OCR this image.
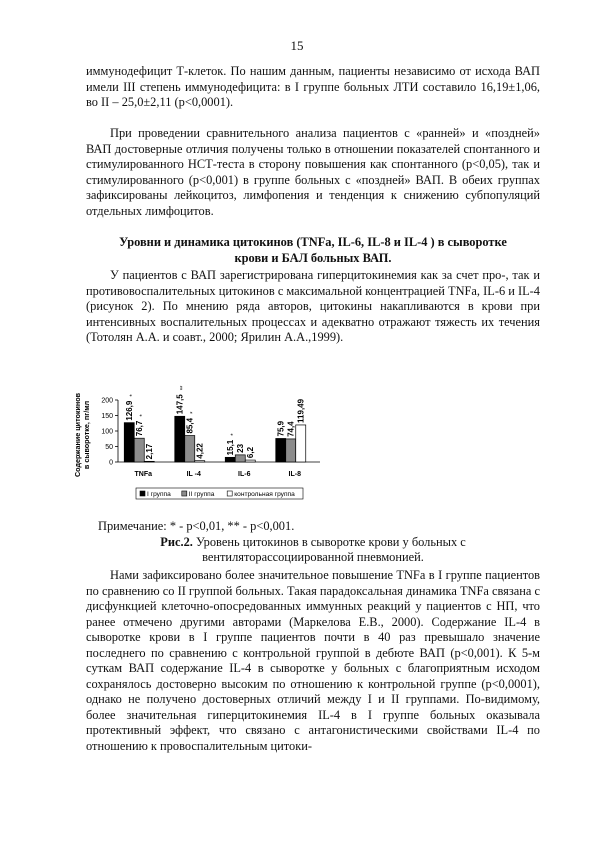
15

иммунодефицит Т-клеток. По нашим данным, пациенты независимо от исхода ВАП имели III степень иммунодефицита: в I группе больных ЛТИ составило 16,19±1,06, во II – 25,0±2,11 (р<0,0001).

При проведении сравнительного анализа пациентов с «ранней» и «поздней» ВАП достоверные отличия получены только в отношении показателей спонтанного и стимулированного НСТ-теста в сторону повышения как спонтанного (р<0,05), так и стимулированного (р<0,001) в группе больных с «поздней» ВАП. В обеих группах зафиксированы лейкоцитоз, лимфопения и тенденция к снижению субпопуляций отдельных лимфоцитов.

Уровни и динамика цитокинов (TNFa, IL-6, IL-8 и IL-4 ) в сыворотке
крови и БАЛ больных ВАП.

У пациентов с ВАП зарегистрирована гиперцитокинемия как за счет про-, так и противовоспалительных цитокинов с максимальной концентрацией TNFa, IL-6 и IL-4 (рисунок 2). По мнению ряда авторов, цитокины накапливаются в крови при интенсивных воспалительных процессах и адекватно отражают тяжесть их течения (Тотолян А.А. и соавт., 2000; Ярилин А.А.,1999).

Содержание цитокинов в сыворотке, пг/мл	0
50
100
150
200 126,9
*
76,7
*
2,17
TNFa
147,5
**
85,4
*
4,22
IL -4
15,1
*
23 6,2
IL-6
75,9 74,4
119,49
IL-8
I группа	II группа	контрольная группа
Примечание: * - р<0,01, ** - р<0,001.
Рис.2. Уровень цитокинов в сыворотке крови у больных с
вентиляторассоциированной пневмонией.

Нами зафиксировано более значительное повышение TNFa в I группе пациентов по сравнению со II группой больных. Такая парадоксальная динамика TNFa связана с дисфункцией клеточно-опосредованных иммунных реакций у пациентов с НП, что ранее отмечено другими авторами (Маркелова Е.В., 2000). Содержание IL-4 в сыворотке крови в I группе пациентов почти в 40 раз превышало значение последнего по сравнению с контрольной группой в дебюте ВАП (р<0,001). К 5-м суткам ВАП содержание IL-4 в сыворотке у больных с благоприятным исходом сохранялось достоверно высоким по отношению к контрольной группе (р<0,0001), однако не получено достоверных отличий между I и II группами. По-видимому, более значительная гиперцитокинемия IL-4 в I группе больных оказывала протективный эффект, что связано с антагонистическими свойствами IL-4 по отношению к провоспалительным цитоки-
